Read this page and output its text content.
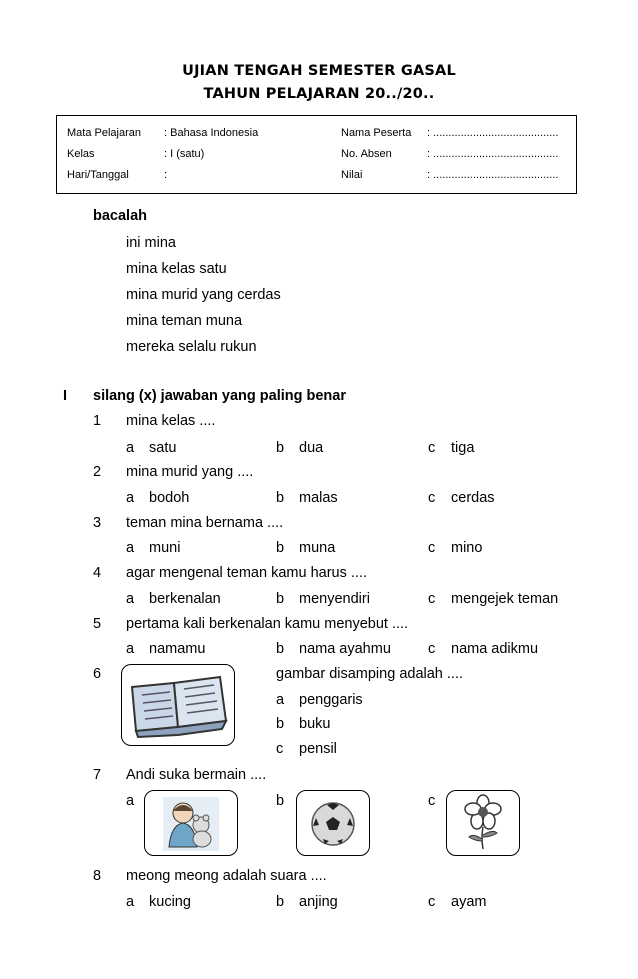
UJIAN TENGAH SEMESTER GASAL
TAHUN PELAJARAN 20../20..
Mata Pelajaran : Bahasa Indonesia
Kelas	: I (satu)
Hari/Tanggal	:
Nama Peserta : .........................................
No. Absen	: .........................................
Nilai	: .........................................
bacalah
ini mina
mina kelas satu
mina murid yang cerdas
mina teman muna
mereka selalu rukun
I silang (x) jawaban yang paling benar
1 mina kelas ....
a satu	b dua	c tiga
2 mina murid yang ....
a bodoh	b malas	c cerdas
3 teman mina bernama ....
a muni	b muna	c mino
4 agar mengenal teman kamu harus ....
a berkenalan	b menyendiri	c mengejek teman
5 pertama kali berkenalan kamu menyebut ....
a namamu	b nama ayahmu	c nama adikmu
6	gambar disamping adalah ....
a penggaris
b buku
c pensil
7 Andi suka bermain ....
a	b	c
8 meong meong adalah suara ....
a kucing	b anjing	c ayam
